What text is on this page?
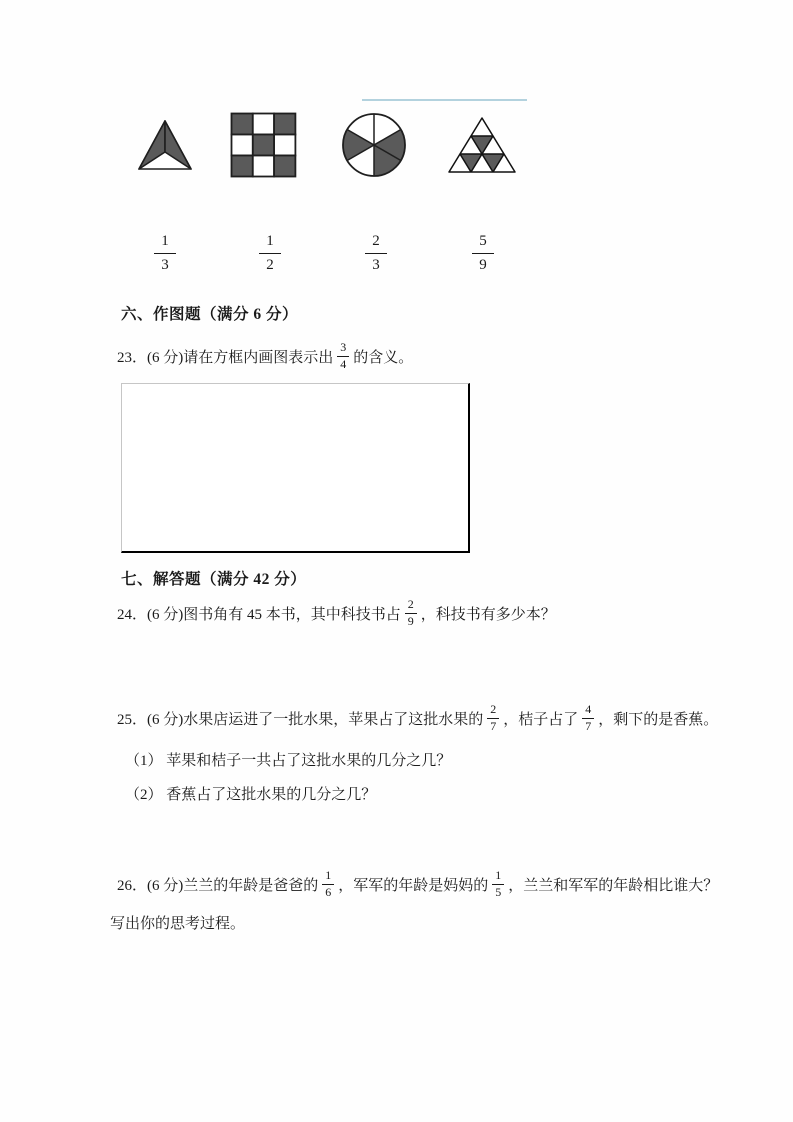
$\frac{1}{3}$	$\frac{1}{2}$	$\frac{2}{3}$	$\frac{5}{9}$
六、作图题（满分 6 分）
23．(6 分)请在方框内画图表示出 $\frac{3}{4}$ 的含义。
七、解答题（满分 42 分）
24．(6 分)图书角有 45 本书，其中科技书占 $\frac{2}{9}$ ，科技书有多少本？
25．(6 分)水果店运进了一批水果，苹果占了这批水果的 $\frac{2}{7}$ ，桔子占了 $\frac{4}{7}$ ，剩下的是香蕉。
（1） 苹果和桔子一共占了这批水果的几分之几？
（2） 香蕉占了这批水果的几分之几？
26．(6 分)兰兰的年龄是爸爸的 $\frac{1}{6}$ ，军军的年龄是妈妈的 $\frac{1}{5}$ ，兰兰和军军的年龄相比谁大？
写出你的思考过程。
